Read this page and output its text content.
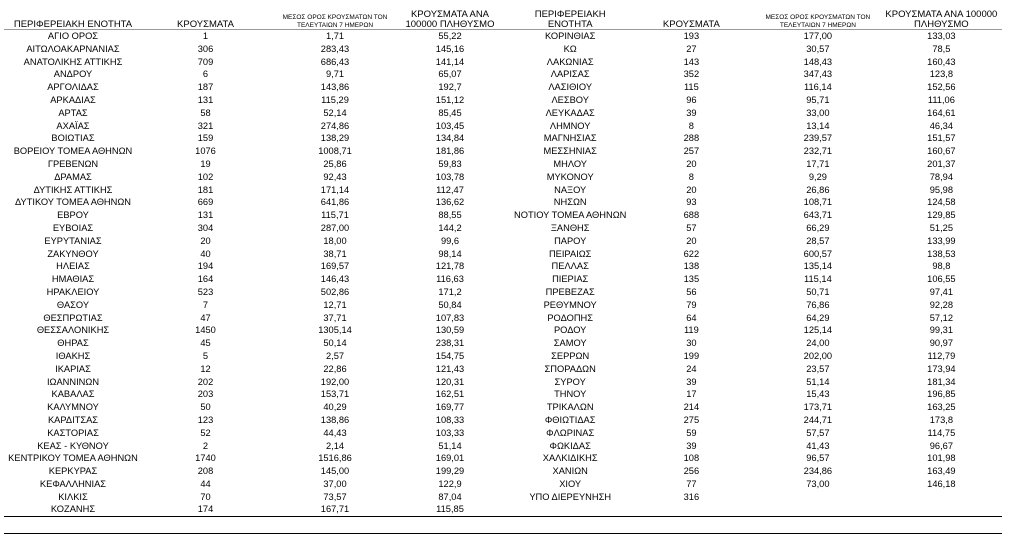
ΠΕΡΙΦΕΡΕΙΑΚΗ ΕΝΟΤΗΤΑ	ΚΡΟΥΣΜΑΤΑ	ΜΕΣΟΣ ΟΡΟΣ ΚΡΟΥΣΜΑΤΩΝ ΤΟΝ ΤΕΛΕΥΤΑΙΩΝ 7 ΗΜΕΡΩΝ	ΚΡΟΥΣΜΑΤΑ ΑΝΑ 100000 ΠΛΗΘΥΣΜΟ
ΑΓΙΟ ΟΡΟΣ	1	1,71	55,22
ΑΙΤΩΛΟΑΚΑΡΝΑΝΙΑΣ	306	283,43	145,16
ΑΝΑΤΟΛΙΚΗΣ ΑΤΤΙΚΗΣ	709	686,43	141,14
ΑΝΔΡΟΥ	6	9,71	65,07
ΑΡΓΟΛΙΔΑΣ	187	143,86	192,7
ΑΡΚΑΔΙΑΣ	131	115,29	151,12
ΑΡΤΑΣ	58	52,14	85,45
ΑΧΑΪΑΣ	321	274,86	103,45
ΒΟΙΩΤΙΑΣ	159	138,29	134,84
ΒΟΡΕΙΟΥ ΤΟΜΕΑ ΑΘΗΝΩΝ	1076	1008,71	181,86
ΓΡΕΒΕΝΩΝ	19	25,86	59,83
ΔΡΑΜΑΣ	102	92,43	103,78
ΔΥΤΙΚΗΣ ΑΤΤΙΚΗΣ	181	171,14	112,47
ΔΥΤΙΚΟΥ ΤΟΜΕΑ ΑΘΗΝΩΝ	669	641,86	136,62
ΕΒΡΟΥ	131	115,71	88,55
ΕΥΒΟΙΑΣ	304	287,00	144,2
ΕΥΡΥΤΑΝΙΑΣ	20	18,00	99,6
ΖΑΚΥΝΘΟΥ	40	38,71	98,14
ΗΛΕΙΑΣ	194	169,57	121,78
ΗΜΑΘΙΑΣ	164	146,43	116,63
ΗΡΑΚΛΕΙΟΥ	523	502,86	171,2
ΘΑΣΟΥ	7	12,71	50,84
ΘΕΣΠΡΩΤΙΑΣ	47	37,71	107,83
ΘΕΣΣΑΛΟΝΙΚΗΣ	1450	1305,14	130,59
ΘΗΡΑΣ	45	50,14	238,31
ΙΘΑΚΗΣ	5	2,57	154,75
ΙΚΑΡΙΑΣ	12	22,86	121,43
ΙΩΑΝΝΙΝΩΝ	202	192,00	120,31
ΚΑΒΑΛΑΣ	203	153,71	162,51
ΚΑΛΥΜΝΟΥ	50	40,29	169,77
ΚΑΡΔΙΤΣΑΣ	123	138,86	108,33
ΚΑΣΤΟΡΙΑΣ	52	44,43	103,33
ΚΕΑΣ - ΚΥΘΝΟΥ	2	2,14	51,14
ΚΕΝΤΡΙΚΟΥ ΤΟΜΕΑ ΑΘΗΝΩΝ	1740	1516,86	169,01
ΚΕΡΚΥΡΑΣ	208	145,00	199,29
ΚΕΦΑΛΛΗΝΙΑΣ	44	37,00	122,9
ΚΙΛΚΙΣ	70	73,57	87,04
ΚΟΖΑΝΗΣ	174	167,71	115,85
ΠΕΡΙΦΕΡΕΙΑΚΗ ΕΝΟΤΗΤΑ	ΚΡΟΥΣΜΑΤΑ	ΜΕΣΟΣ ΟΡΟΣ ΚΡΟΥΣΜΑΤΩΝ ΤΟΝ ΤΕΛΕΥΤΑΙΩΝ 7 ΗΜΕΡΩΝ	ΚΡΟΥΣΜΑΤΑ ΑΝΑ 100000 ΠΛΗΘΥΣΜΟ
ΚΟΡΙΝΘΙΑΣ	193	177,00	133,03
ΚΩ	27	30,57	78,5
ΛΑΚΩΝΙΑΣ	143	148,43	160,43
ΛΑΡΙΣΑΣ	352	347,43	123,8
ΛΑΣΙΘΙΟΥ	115	116,14	152,56
ΛΕΣΒΟΥ	96	95,71	111,06
ΛΕΥΚΑΔΑΣ	39	33,00	164,61
ΛΗΜΝΟΥ	8	13,14	46,34
ΜΑΓΝΗΣΙΑΣ	288	239,57	151,57
ΜΕΣΣΗΝΙΑΣ	257	232,71	160,67
ΜΗΛΟΥ	20	17,71	201,37
ΜΥΚΟΝΟΥ	8	9,29	78,94
ΝΑΞΟΥ	20	26,86	95,98
ΝΗΣΩΝ	93	108,71	124,58
ΝΟΤΙΟΥ ΤΟΜΕΑ ΑΘΗΝΩΝ	688	643,71	129,85
ΞΑΝΘΗΣ	57	66,29	51,25
ΠΑΡΟΥ	20	28,57	133,99
ΠΕΙΡΑΙΩΣ	622	600,57	138,53
ΠΕΛΛΑΣ	138	135,14	98,8
ΠΙΕΡΙΑΣ	135	115,14	106,55
ΠΡΕΒΕΖΑΣ	56	50,71	97,41
ΡΕΘΥΜΝΟΥ	79	76,86	92,28
ΡΟΔΟΠΗΣ	64	64,29	57,12
ΡΟΔΟΥ	119	125,14	99,31
ΣΑΜΟΥ	30	24,00	90,97
ΣΕΡΡΩΝ	199	202,00	112,79
ΣΠΟΡΑΔΩΝ	24	23,57	173,94
ΣΥΡΟΥ	39	51,14	181,34
ΤΗΝΟΥ	17	15,43	196,85
ΤΡΙΚΑΛΩΝ	214	173,71	163,25
ΦΘΙΩΤΙΔΑΣ	275	244,71	173,8
ΦΛΩΡΙΝΑΣ	59	57,57	114,75
ΦΩΚΙΔΑΣ	39	41,43	96,67
ΧΑΛΚΙΔΙΚΗΣ	108	96,57	101,98
ΧΑΝΙΩΝ	256	234,86	163,49
ΧΙΟΥ	77	73,00	146,18
ΥΠΟ ΔΙΕΡΕΥΝΗΣΗ	316		
